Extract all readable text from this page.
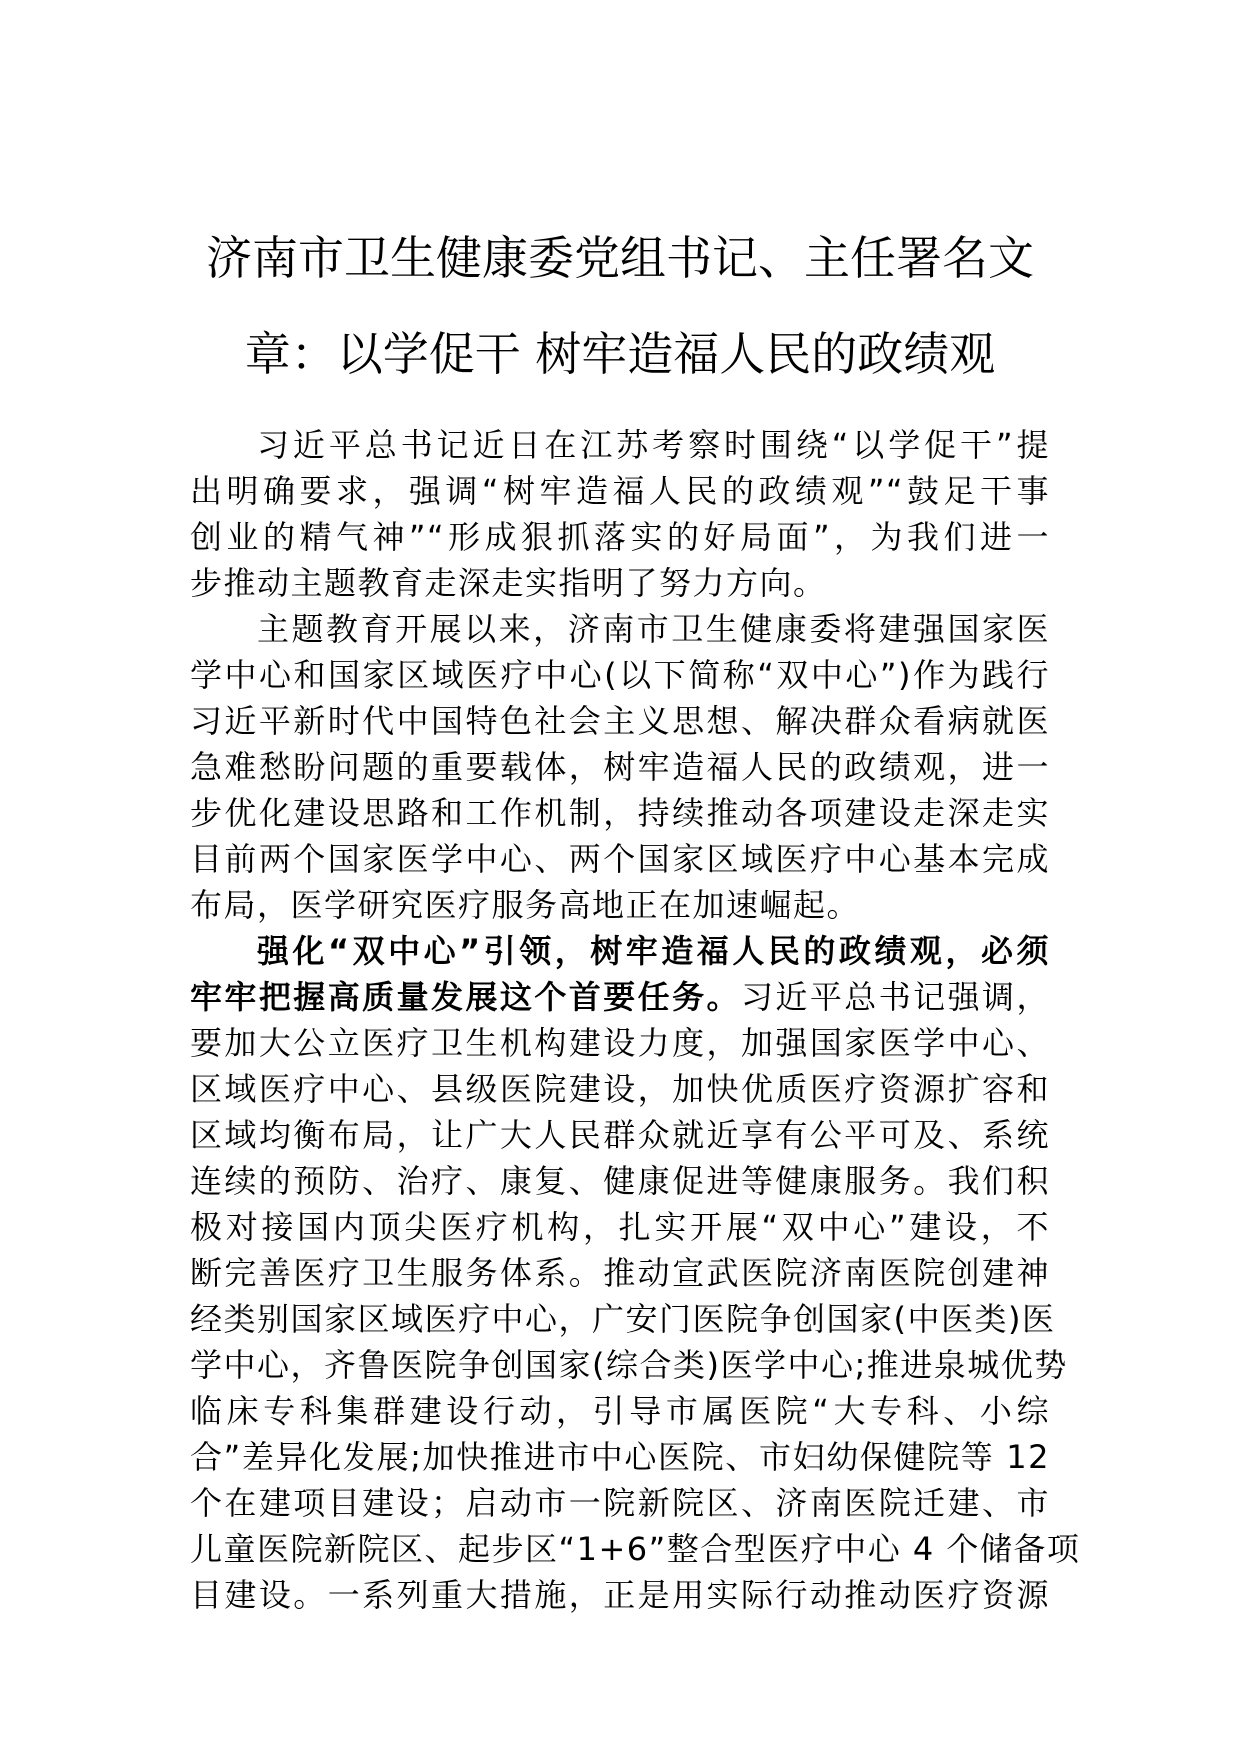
济南市卫生健康委党组书记、主任署名文
章：以学促干 树牢造福人民的政绩观

习近平总书记近日在江苏考察时围绕“以学促干”提
出明确要求，强调“树牢造福人民的政绩观”“鼓足干事
创业的精气神”“形成狠抓落实的好局面”，为我们进一
步推动主题教育走深走实指明了努力方向。

主题教育开展以来，济南市卫生健康委将建强国家医
学中心和国家区域医疗中心(以下简称“双中心”)作为践行
习近平新时代中国特色社会主义思想、解决群众看病就医
急难愁盼问题的重要载体，树牢造福人民的政绩观，进一
步优化建设思路和工作机制，持续推动各项建设走深走实
目前两个国家医学中心、两个国家区域医疗中心基本完成
布局，医学研究医疗服务高地正在加速崛起。

强化“双中心”引领，树牢造福人民的政绩观，必须
牢牢把握高质量发展这个首要任务。习近平总书记强调，
要加大公立医疗卫生机构建设力度，加强国家医学中心、
区域医疗中心、县级医院建设，加快优质医疗资源扩容和
区域均衡布局，让广大人民群众就近享有公平可及、系统
连续的预防、治疗、康复、健康促进等健康服务。我们积
极对接国内顶尖医疗机构，扎实开展“双中心”建设，不
断完善医疗卫生服务体系。推动宣武医院济南医院创建神
经类别国家区域医疗中心，广安门医院争创国家(中医类)医
学中心，齐鲁医院争创国家(综合类)医学中心;推进泉城优势
临床专科集群建设行动，引导市属医院“大专科、小综
合”差异化发展;加快推进市中心医院、市妇幼保健院等 12
个在建项目建设；启动市一院新院区、济南医院迁建、市
儿童医院新院区、起步区“1+6”整合型医疗中心 4 个储备项
目建设。一系列重大措施，正是用实际行动推动医疗资源
